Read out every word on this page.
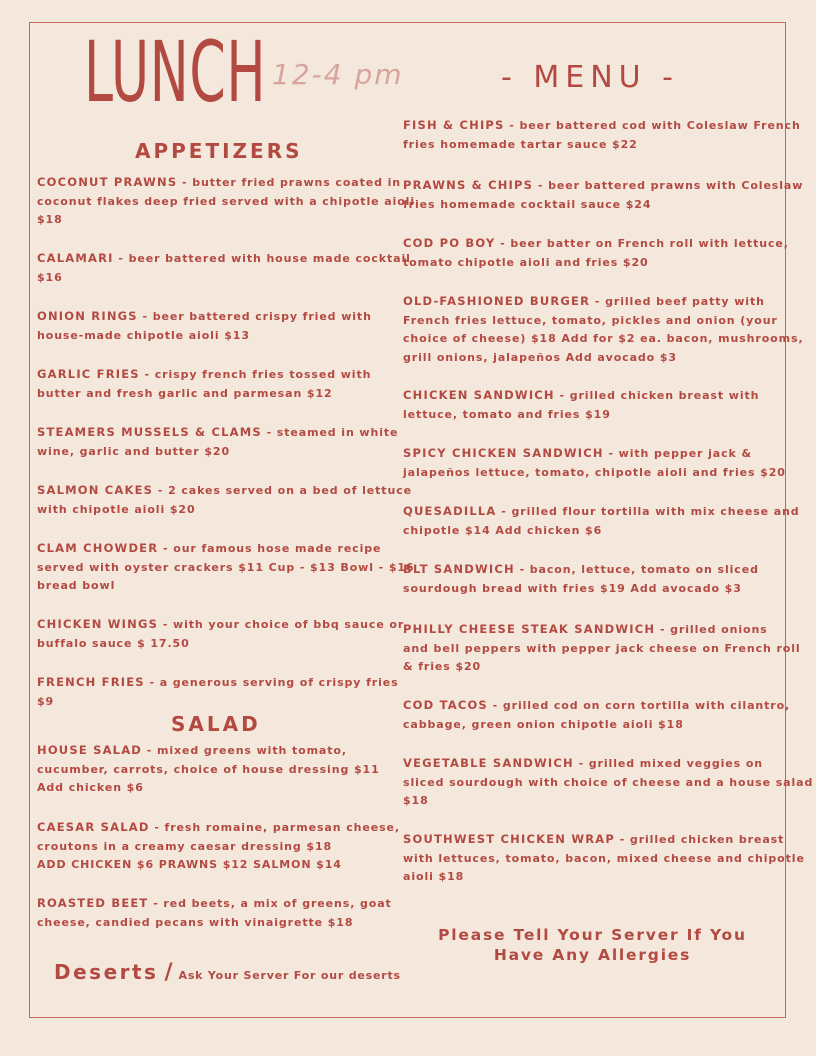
LUNCH 12-4 pm	- MENU -
APPETIZERS

COCONUT PRAWNS - butter fried prawns coated in
coconut flakes deep fried served with a chipotle aioli
$18

CALAMARI - beer battered with house made cocktail
$16

ONION RINGS - beer battered crispy fried with
house-made chipotle aioli $13

GARLIC FRIES - crispy french fries tossed with
butter and fresh garlic and parmesan $12

STEAMERS MUSSELS & CLAMS - steamed in white
wine, garlic and butter $20

SALMON CAKES - 2 cakes served on a bed of lettuce
with chipotle aioli $20

CLAM CHOWDER - our famous hose made recipe
served with oyster crackers $11 Cup - $13 Bowl - $16
bread bowl

CHICKEN WINGS - with your choice of bbq sauce or
buffalo sauce $ 17.50

FRENCH FRIES - a generous serving of crispy fries
$9

SALAD

HOUSE SALAD - mixed greens with tomato,
cucumber, carrots, choice of house dressing $11
Add chicken $6

CAESAR SALAD - fresh romaine, parmesan cheese,
croutons in a creamy caesar dressing $18
ADD CHICKEN $6 PRAWNS $12 SALMON $14

ROASTED BEET - red beets, a mix of greens, goat
cheese, candied pecans with vinaigrette $18

Deserts / Ask Your Server For our deserts

FISH & CHIPS - beer battered cod with Coleslaw French
fries homemade tartar sauce $22

PRAWNS & CHIPS - beer battered prawns with Coleslaw
fries homemade cocktail sauce $24

COD PO BOY - beer batter on French roll with lettuce,
tomato chipotle aioli and fries $20

OLD-FASHIONED BURGER - grilled beef patty with
French fries lettuce, tomato, pickles and onion (your
choice of cheese) $18 Add for $2 ea. bacon, mushrooms,
grill onions, jalapeños Add avocado $3

CHICKEN SANDWICH - grilled chicken breast with
lettuce, tomato and fries $19

SPICY CHICKEN SANDWICH - with pepper jack &
jalapeños lettuce, tomato, chipotle aioli and fries $20

QUESADILLA - grilled flour tortilla with mix cheese and
chipotle $14 Add chicken $6

BLT SANDWICH - bacon, lettuce, tomato on sliced
sourdough bread with fries $19 Add avocado $3

PHILLY CHEESE STEAK SANDWICH - grilled onions
and bell peppers with pepper jack cheese on French roll
& fries $20

COD TACOS - grilled cod on corn tortilla with cilantro,
cabbage, green onion chipotle aioli $18

VEGETABLE SANDWICH - grilled mixed veggies on
sliced sourdough with choice of cheese and a house salad
$18

SOUTHWEST CHICKEN WRAP - grilled chicken breast
with lettuces, tomato, bacon, mixed cheese and chipotle
aioli $18

Please Tell Your Server If You
Have Any Allergies
